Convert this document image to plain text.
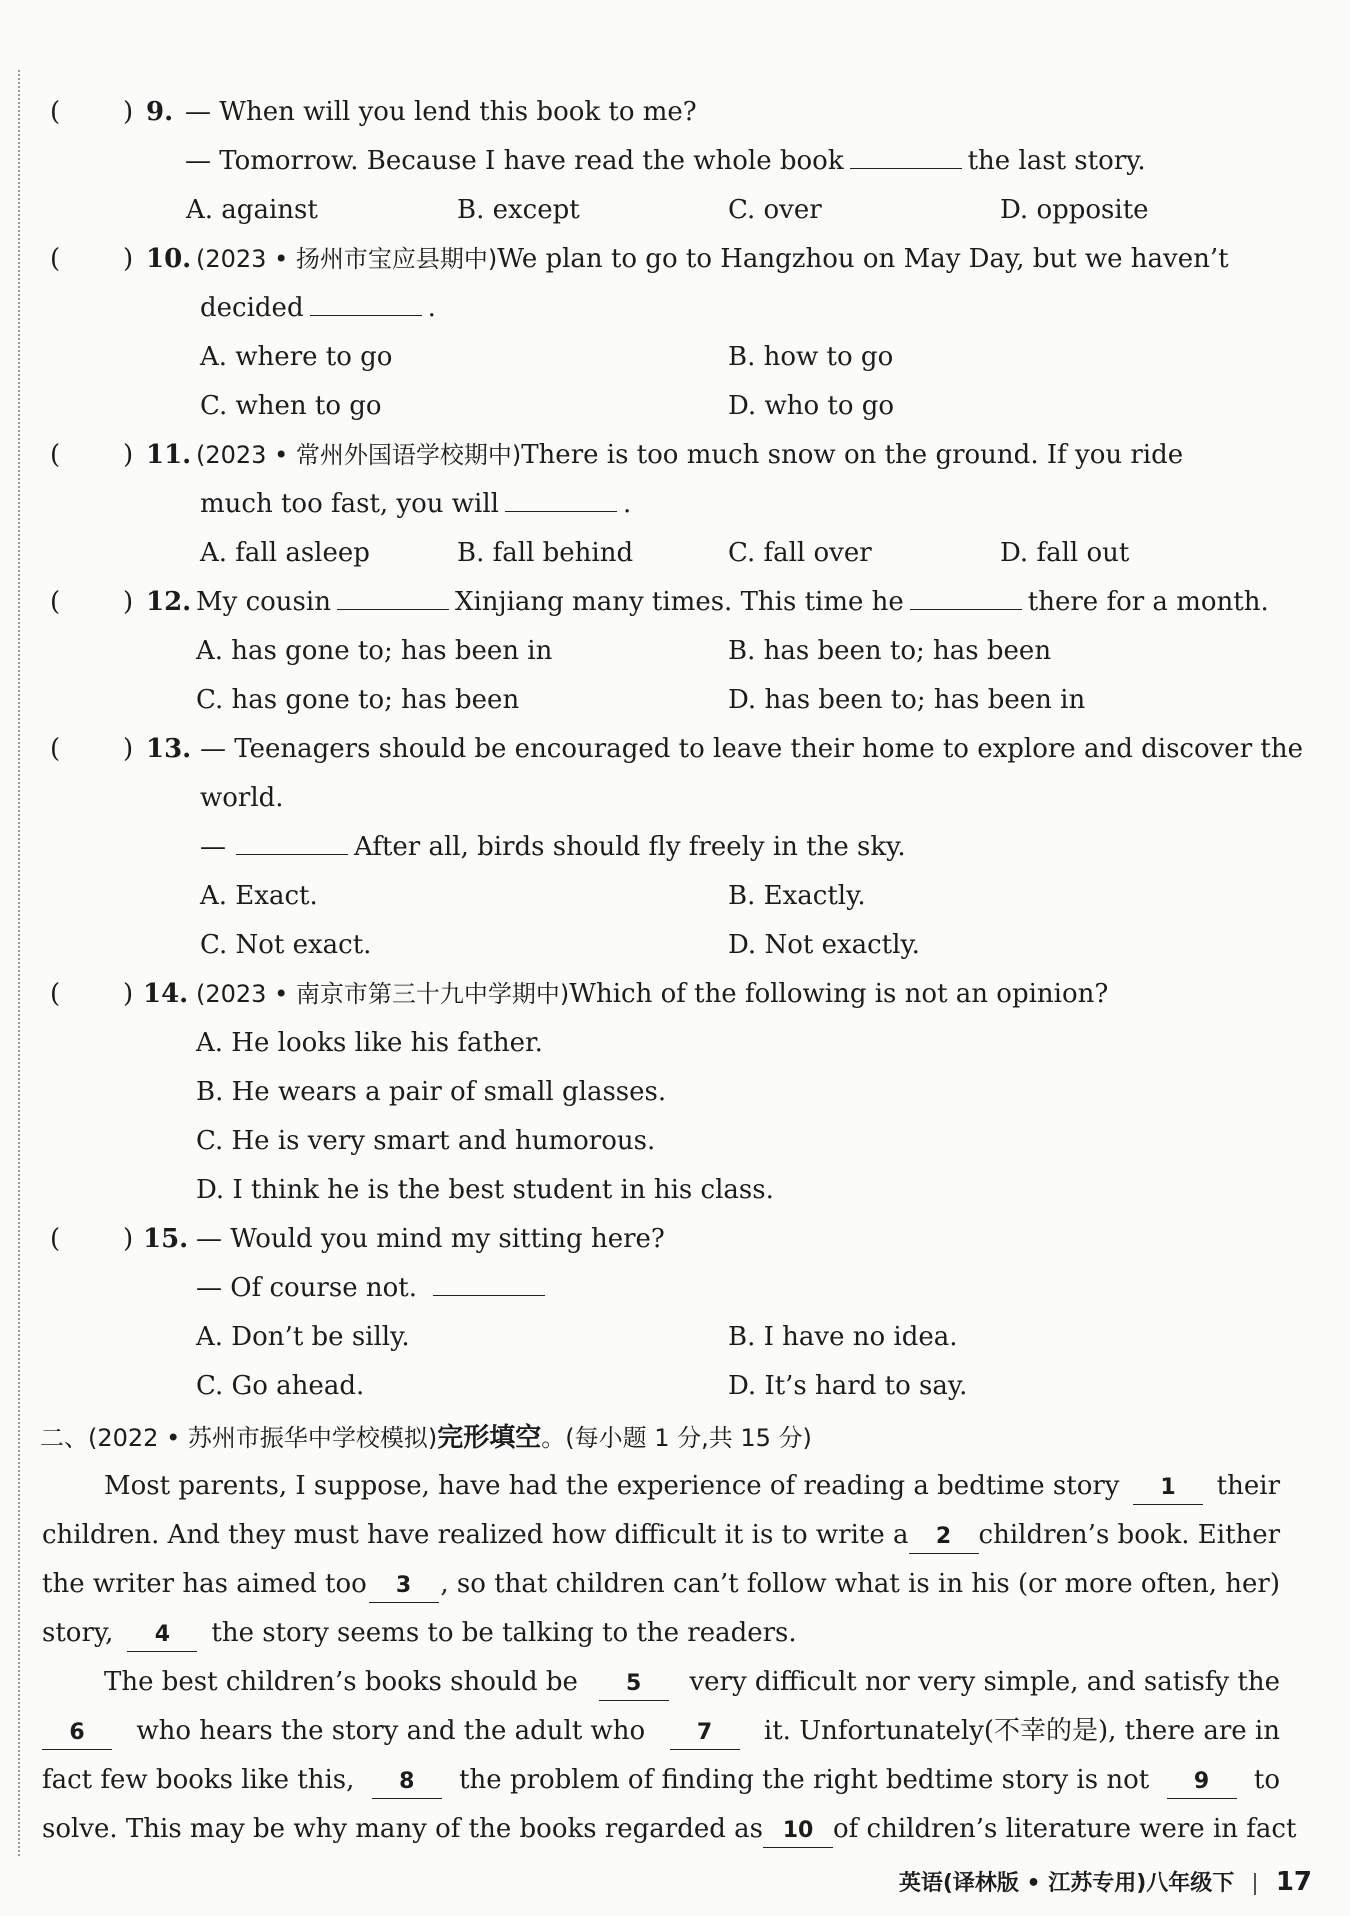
( ) 9. — When will you lend this book to me?
— Tomorrow. Because I have read the whole book	the last story.
A. against	B. except	C. over	D. opposite
( ) 10. (2023 • 扬州市宝应县期中)We plan to go to Hangzhou on May Day, but we haven’t
decided	.
A. where to go	B. how to go
C. when to go	D. who to go
( ) 11. (2023 • 常州外国语学校期中)There is too much snow on the ground. If you ride
much too fast, you will	.
A. fall asleep	B. fall behind	C. fall over	D. fall out
( ) 12. My cousin	Xinjiang many times. This time he	there for a month.
A. has gone to; has been in	B. has been to; has been
C. has gone to; has been	D. has been to; has been in
( ) 13. — Teenagers should be encouraged to leave their home to explore and discover the
world.
—	After all, birds should fly freely in the sky.
A. Exact.	B. Exactly.
C. Not exact.	D. Not exactly.
( ) 14. (2023 • 南京市第三十九中学期中)Which of the following is not an opinion?
A. He looks like his father.
B. He wears a pair of small glasses.
C. He is very smart and humorous.
D. I think he is the best student in his class.
( ) 15. — Would you mind my sitting here?
— Of course not.
A. Don’t be silly.	B. I have no idea.
C. Go ahead.	D. It’s hard to say.
二、(2022 • 苏州市振华中学校模拟)完形填空。(每小题 1 分,共 15 分)
Most parents, I suppose, have had the experience of reading a bedtime story	1	their
children. And they must have realized how difficult it is to write a	2	children’s book. Either
the writer has aimed too	3	, so that children can’t follow what is in his (or more often, her)
story,	4	the story seems to be talking to the readers.
The best children’s books should be	5	very difficult nor very simple, and satisfy the
6	who hears the story and the adult who	7	it. Unfortunately(不幸的是), there are in
fact few books like this,	8	the problem of finding the right bedtime story is not	9	to
solve. This may be why many of the books regarded as 10 of children’s literature were in fact
英语(译林版 • 江苏专用)八年级下 17
